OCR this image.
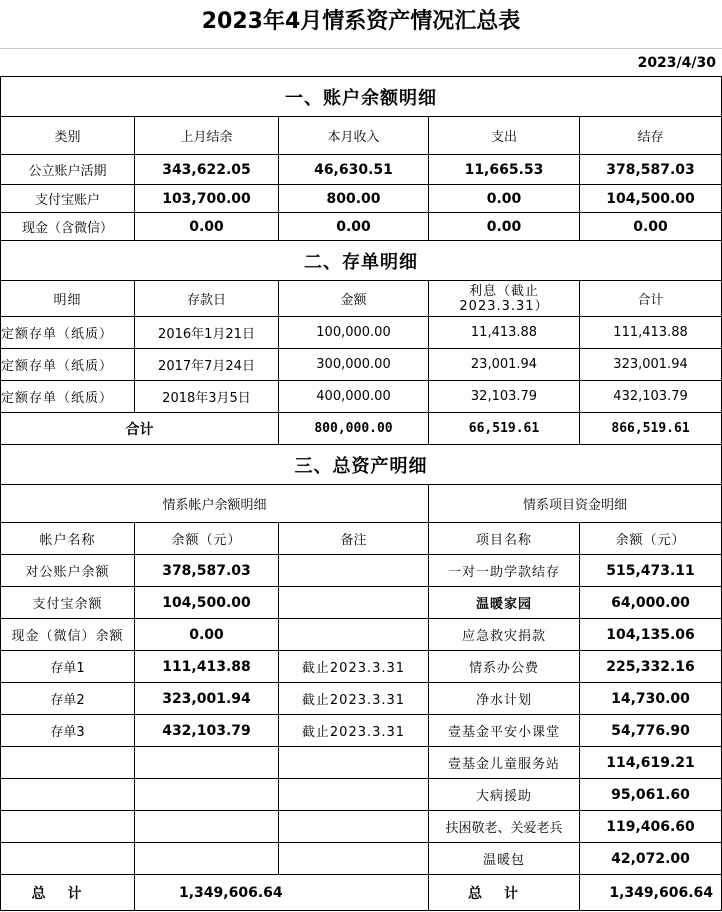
2023年4月情系资产情况汇总表
2023/4/30
一、账户余额明细				
类别	上月结余	本月收入	支出	结存
公立账户活期	343,622.05	46,630.51	11,665.53	378,587.03
支付宝账户	103,700.00	800.00	0.00	104,500.00
现金（含微信）	0.00	0.00	0.00	0.00
二、存单明细				
明细	存款日	金额	利息（截止2023.3.31）	合计
定额存单（纸质）	2016年1月21日	100,000.00	11,413.88	111,413.88
定额存单（纸质）	2017年7月24日	300,000.00	23,001.94	323,001.94
定额存单（纸质）	2018年3月5日	400,000.00	32,103.79	432,103.79
合计		800,000.00	66,519.61	866,519.61
三、总资产明细				
情系帐户余额明细			情系项目资金明细	
帐户名称	余额（元）	备注	项目名称	余额（元）
对公账户余额	378,587.03		一对一助学款结存	515,473.11
支付宝余额	104,500.00		温暖家园	64,000.00
现金（微信）余额	0.00		应急救灾捐款	104,135.06
存单1	111,413.88	截止2023.3.31	情系办公费	225,332.16
存单2	323,001.94	截止2023.3.31	净水计划	14,730.00
存单3	432,103.79	截止2023.3.31	壹基金平安小课堂	54,776.90
			壹基金儿童服务站	114,619.21
			大病援助	95,061.60
			扶困敬老、关爱老兵	119,406.60
			温暖包	42,072.00
总计	1,349,606.64		总计	1,349,606.64
